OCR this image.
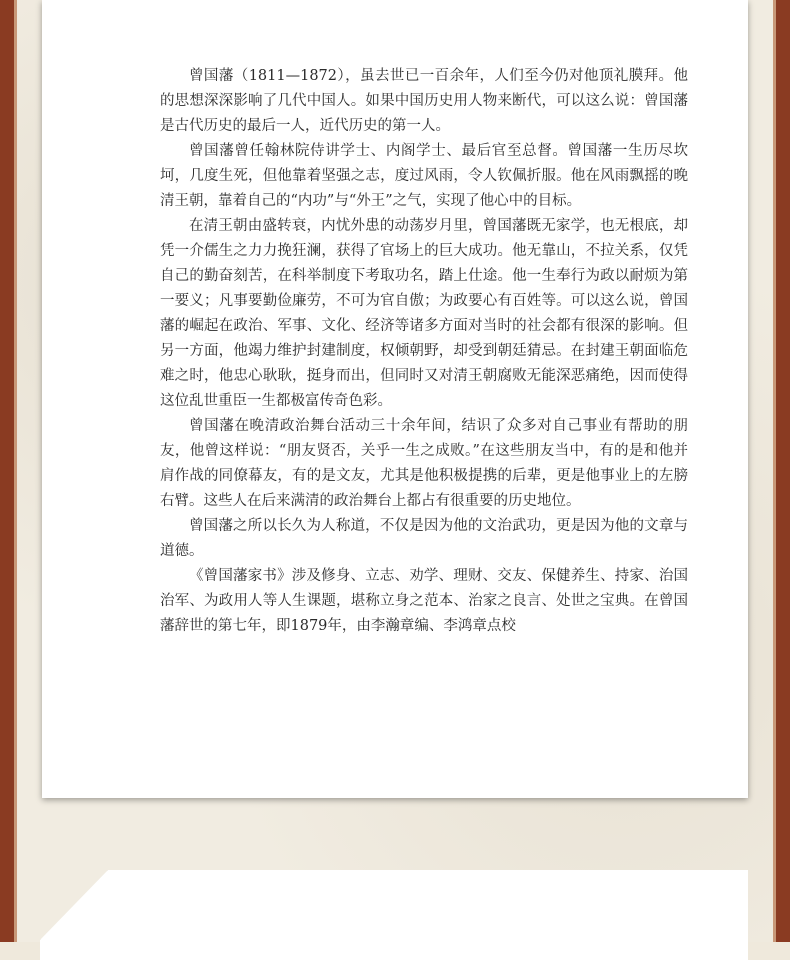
曾国藩（1811—1872），虽去世已一百余年，人们至今仍对他顶礼膜拜。他的思想深深影响了几代中国人。如果中国历史用人物来断代，可以这么说：曾国藩是古代历史的最后一人，近代历史的第一人。

曾国藩曾任翰林院侍讲学士、内阁学士、最后官至总督。曾国藩一生历尽坎坷，几度生死，但他靠着坚强之志，度过风雨，令人钦佩折服。他在风雨飘摇的晚清王朝，靠着自己的“内功”与“外王”之气，实现了他心中的目标。

在清王朝由盛转衰，内忧外患的动荡岁月里，曾国藩既无家学，也无根底，却凭一介儒生之力力挽狂澜，获得了官场上的巨大成功。他无靠山，不拉关系，仅凭自己的勤奋刻苦，在科举制度下考取功名，踏上仕途。他一生奉行为政以耐烦为第一要义；凡事要勤俭廉劳，不可为官自傲；为政要心有百姓等。可以这么说，曾国藩的崛起在政治、军事、文化、经济等诸多方面对当时的社会都有很深的影响。但另一方面，他竭力维护封建制度，权倾朝野，却受到朝廷猜忌。在封建王朝面临危难之时，他忠心耿耿，挺身而出，但同时又对清王朝腐败无能深恶痛绝，因而使得这位乱世重臣一生都极富传奇色彩。

曾国藩在晚清政治舞台活动三十余年间，结识了众多对自己事业有帮助的朋友，他曾这样说：“朋友贤否，关乎一生之成败。”在这些朋友当中，有的是和他并肩作战的同僚幕友，有的是文友，尤其是他积极提携的后辈，更是他事业上的左膀右臂。这些人在后来满清的政治舞台上都占有很重要的历史地位。

曾国藩之所以长久为人称道，不仅是因为他的文治武功，更是因为他的文章与道德。

《曾国藩家书》涉及修身、立志、劝学、理财、交友、保健养生、持家、治国治军、为政用人等人生课题，堪称立身之范本、治家之良言、处世之宝典。在曾国藩辞世的第七年，即1879年，由李瀚章编、李鸿章点校
